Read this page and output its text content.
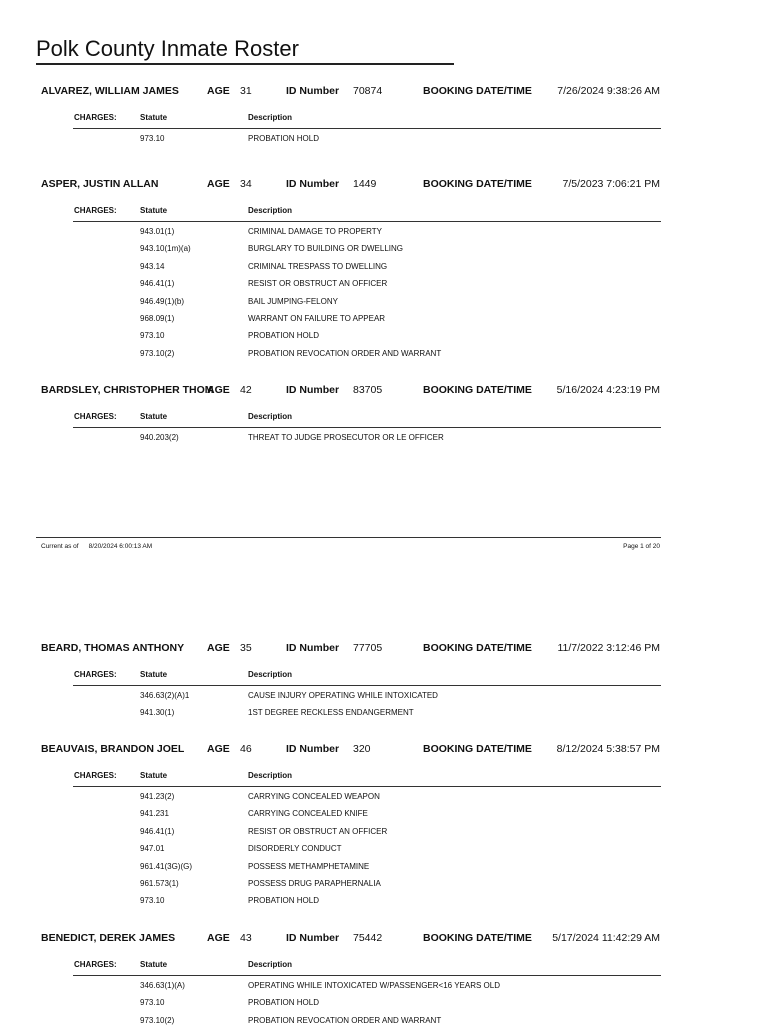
Polk County Inmate Roster
ALVAREZ, WILLIAM JAMES	AGE 31	ID Number 70874	BOOKING DATE/TIME 7/26/2024 9:38:26 AM
CHARGES:	Statute	Description
973.10	PROBATION HOLD
ASPER, JUSTIN ALLAN	AGE 34	ID Number 1449	BOOKING DATE/TIME	7/5/2023 7:06:21 PM
CHARGES:	Statute	Description
943.01(1)	CRIMINAL DAMAGE TO PROPERTY
943.10(1m)(a)	BURGLARY TO BUILDING OR DWELLING
943.14	CRIMINAL TRESPASS TO DWELLING
946.41(1)	RESIST OR OBSTRUCT AN OFFICER
946.49(1)(b)	BAIL JUMPING-FELONY
968.09(1)	WARRANT ON FAILURE TO APPEAR
973.10	PROBATION HOLD
973.10(2)	PROBATION REVOCATION ORDER AND WARRANT
BARDSLEY, CHRISTOPHER THOM
AGE 42	ID Number 83705	BOOKING DATE/TIME 5/16/2024 4:23:19 PM
CHARGES:	Statute	Description
940.203(2)	THREAT TO JUDGE PROSECUTOR OR LE OFFICER
BEARD, THOMAS ANTHONY AGE 35	ID Number 77705	BOOKING DATE/TIME 11/7/2022 3:12:46 PM
CHARGES:	Statute	Description
346.63(2)(A)1	CAUSE INJURY OPERATING WHILE INTOXICATED
941.30(1)	1ST DEGREE RECKLESS ENDANGERMENT
BEAUVAIS, BRANDON JOEL AGE 46	ID Number 320	BOOKING DATE/TIME 8/12/2024 5:38:57 PM
CHARGES:	Statute	Description
941.23(2)	CARRYING CONCEALED WEAPON
941.231	CARRYING CONCEALED KNIFE
946.41(1)	RESIST OR OBSTRUCT AN OFFICER
947.01	DISORDERLY CONDUCT
961.41(3G)(G)	POSSESS METHAMPHETAMINE
961.573(1)	POSSESS DRUG PARAPHERNALIA
973.10	PROBATION HOLD
BENEDICT, DEREK JAMES	AGE 43	ID Number 75442	BOOKING DATE/TIME 5/17/2024 11:42:29 AM
CHARGES:	Statute	Description
346.63(1)(A)	OPERATING WHILE INTOXICATED W/PASSENGER<16 YEARS OLD
973.10	PROBATION HOLD
973.10(2)	PROBATION REVOCATION ORDER AND WARRANT
Current as of 8/20/2024 6:00:13 AM	Page 1 of 20
